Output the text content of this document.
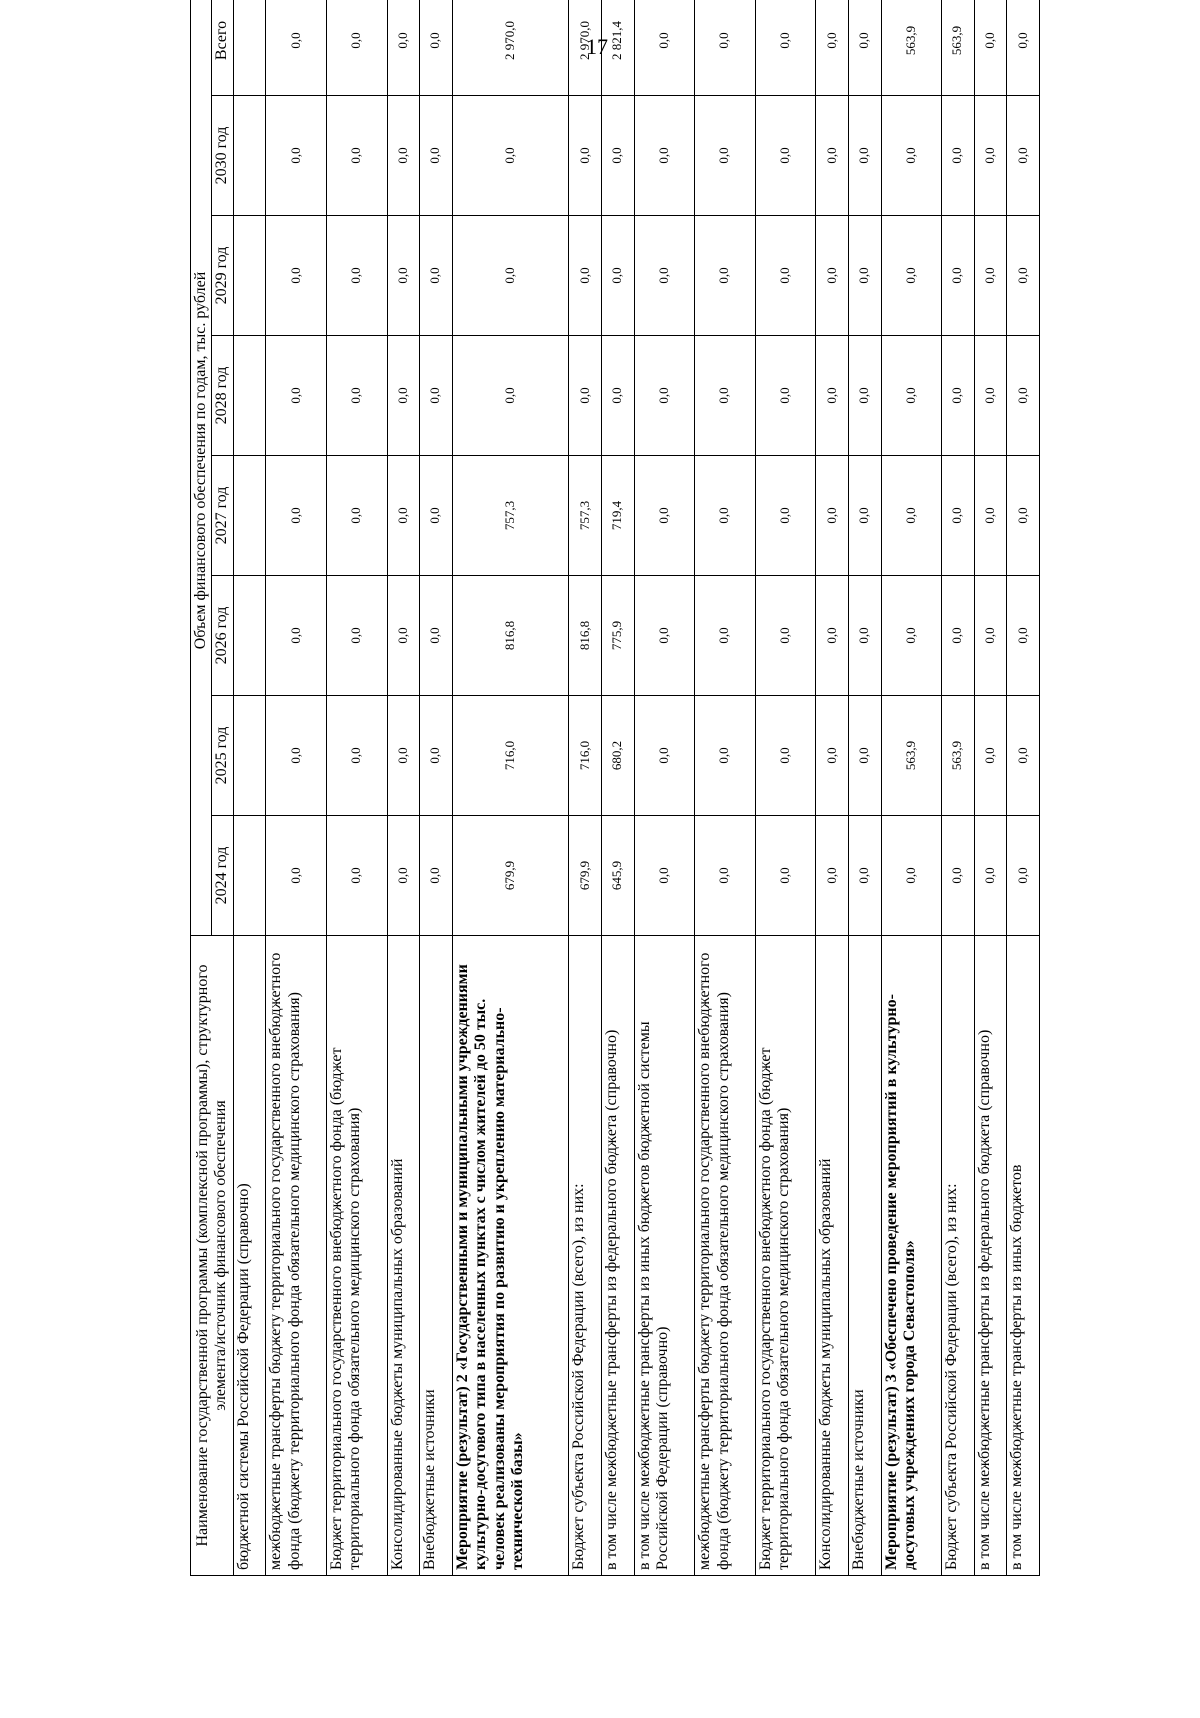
17
Наименование государственной программы (комплексной программы), структурного элемента/источник финансового обеспечения	Объем финансового обеспечения по годам, тыс. рублей							
	2024 год	2025 год	2026 год	2027 год	2028 год	2029 год	2030 год	Всего
бюджетной системы Российской Федерации (справочно)								
межбюджетные трансферты бюджету территориального государственного внебюджетного фонда (бюджету территориального фонда обязательного медицинского страхования)	0,0	0,0	0,0	0,0	0,0	0,0	0,0	0,0
Бюджет территориального государственного внебюджетного фонда (бюджет территориального фонда обязательного медицинского страхования)	0,0	0,0	0,0	0,0	0,0	0,0	0,0	0,0
Консолидированные бюджеты муниципальных образований	0,0	0,0	0,0	0,0	0,0	0,0	0,0	0,0
Внебюджетные источники	0,0	0,0	0,0	0,0	0,0	0,0	0,0	0,0
Мероприятие (результат) 2 «Государственными и муниципальными учреждениями культурно-досугового типа в населенных пунктах с числом жителей до 50 тыс. человек реализованы мероприятия по развитию и укреплению материально-технической базы»	679,9	716,0	816,8	757,3	0,0	0,0	0,0	2 970,0
Бюджет субъекта Российской Федерации (всего), из них:	679,9	716,0	816,8	757,3	0,0	0,0	0,0	2 970,0
в том числе межбюджетные трансферты из федерального бюджета (справочно)	645,9	680,2	775,9	719,4	0,0	0,0	0,0	2 821,4
в том числе межбюджетные трансферты из иных бюджетов бюджетной системы Российской Федерации (справочно)	0,0	0,0	0,0	0,0	0,0	0,0	0,0	0,0
межбюджетные трансферты бюджету территориального государственного внебюджетного фонда (бюджету территориального фонда обязательного медицинского страхования)	0,0	0,0	0,0	0,0	0,0	0,0	0,0	0,0
Бюджет территориального государственного внебюджетного фонда (бюджет территориального фонда обязательного медицинского страхования)	0,0	0,0	0,0	0,0	0,0	0,0	0,0	0,0
Консолидированные бюджеты муниципальных образований	0,0	0,0	0,0	0,0	0,0	0,0	0,0	0,0
Внебюджетные источники	0,0	0,0	0,0	0,0	0,0	0,0	0,0	0,0
Мероприятие (результат) 3 «Обеспечено проведение мероприятий в культурно-досуговых учреждениях города Севастополя»	0,0	563,9	0,0	0,0	0,0	0,0	0,0	563,9
Бюджет субъекта Российской Федерации (всего), из них:	0,0	563,9	0,0	0,0	0,0	0,0	0,0	563,9
в том числе межбюджетные трансферты из федерального бюджета (справочно)	0,0	0,0	0,0	0,0	0,0	0,0	0,0	0,0
в том числе межбюджетные трансферты из иных бюджетов	0,0	0,0	0,0	0,0	0,0	0,0	0,0	0,0
